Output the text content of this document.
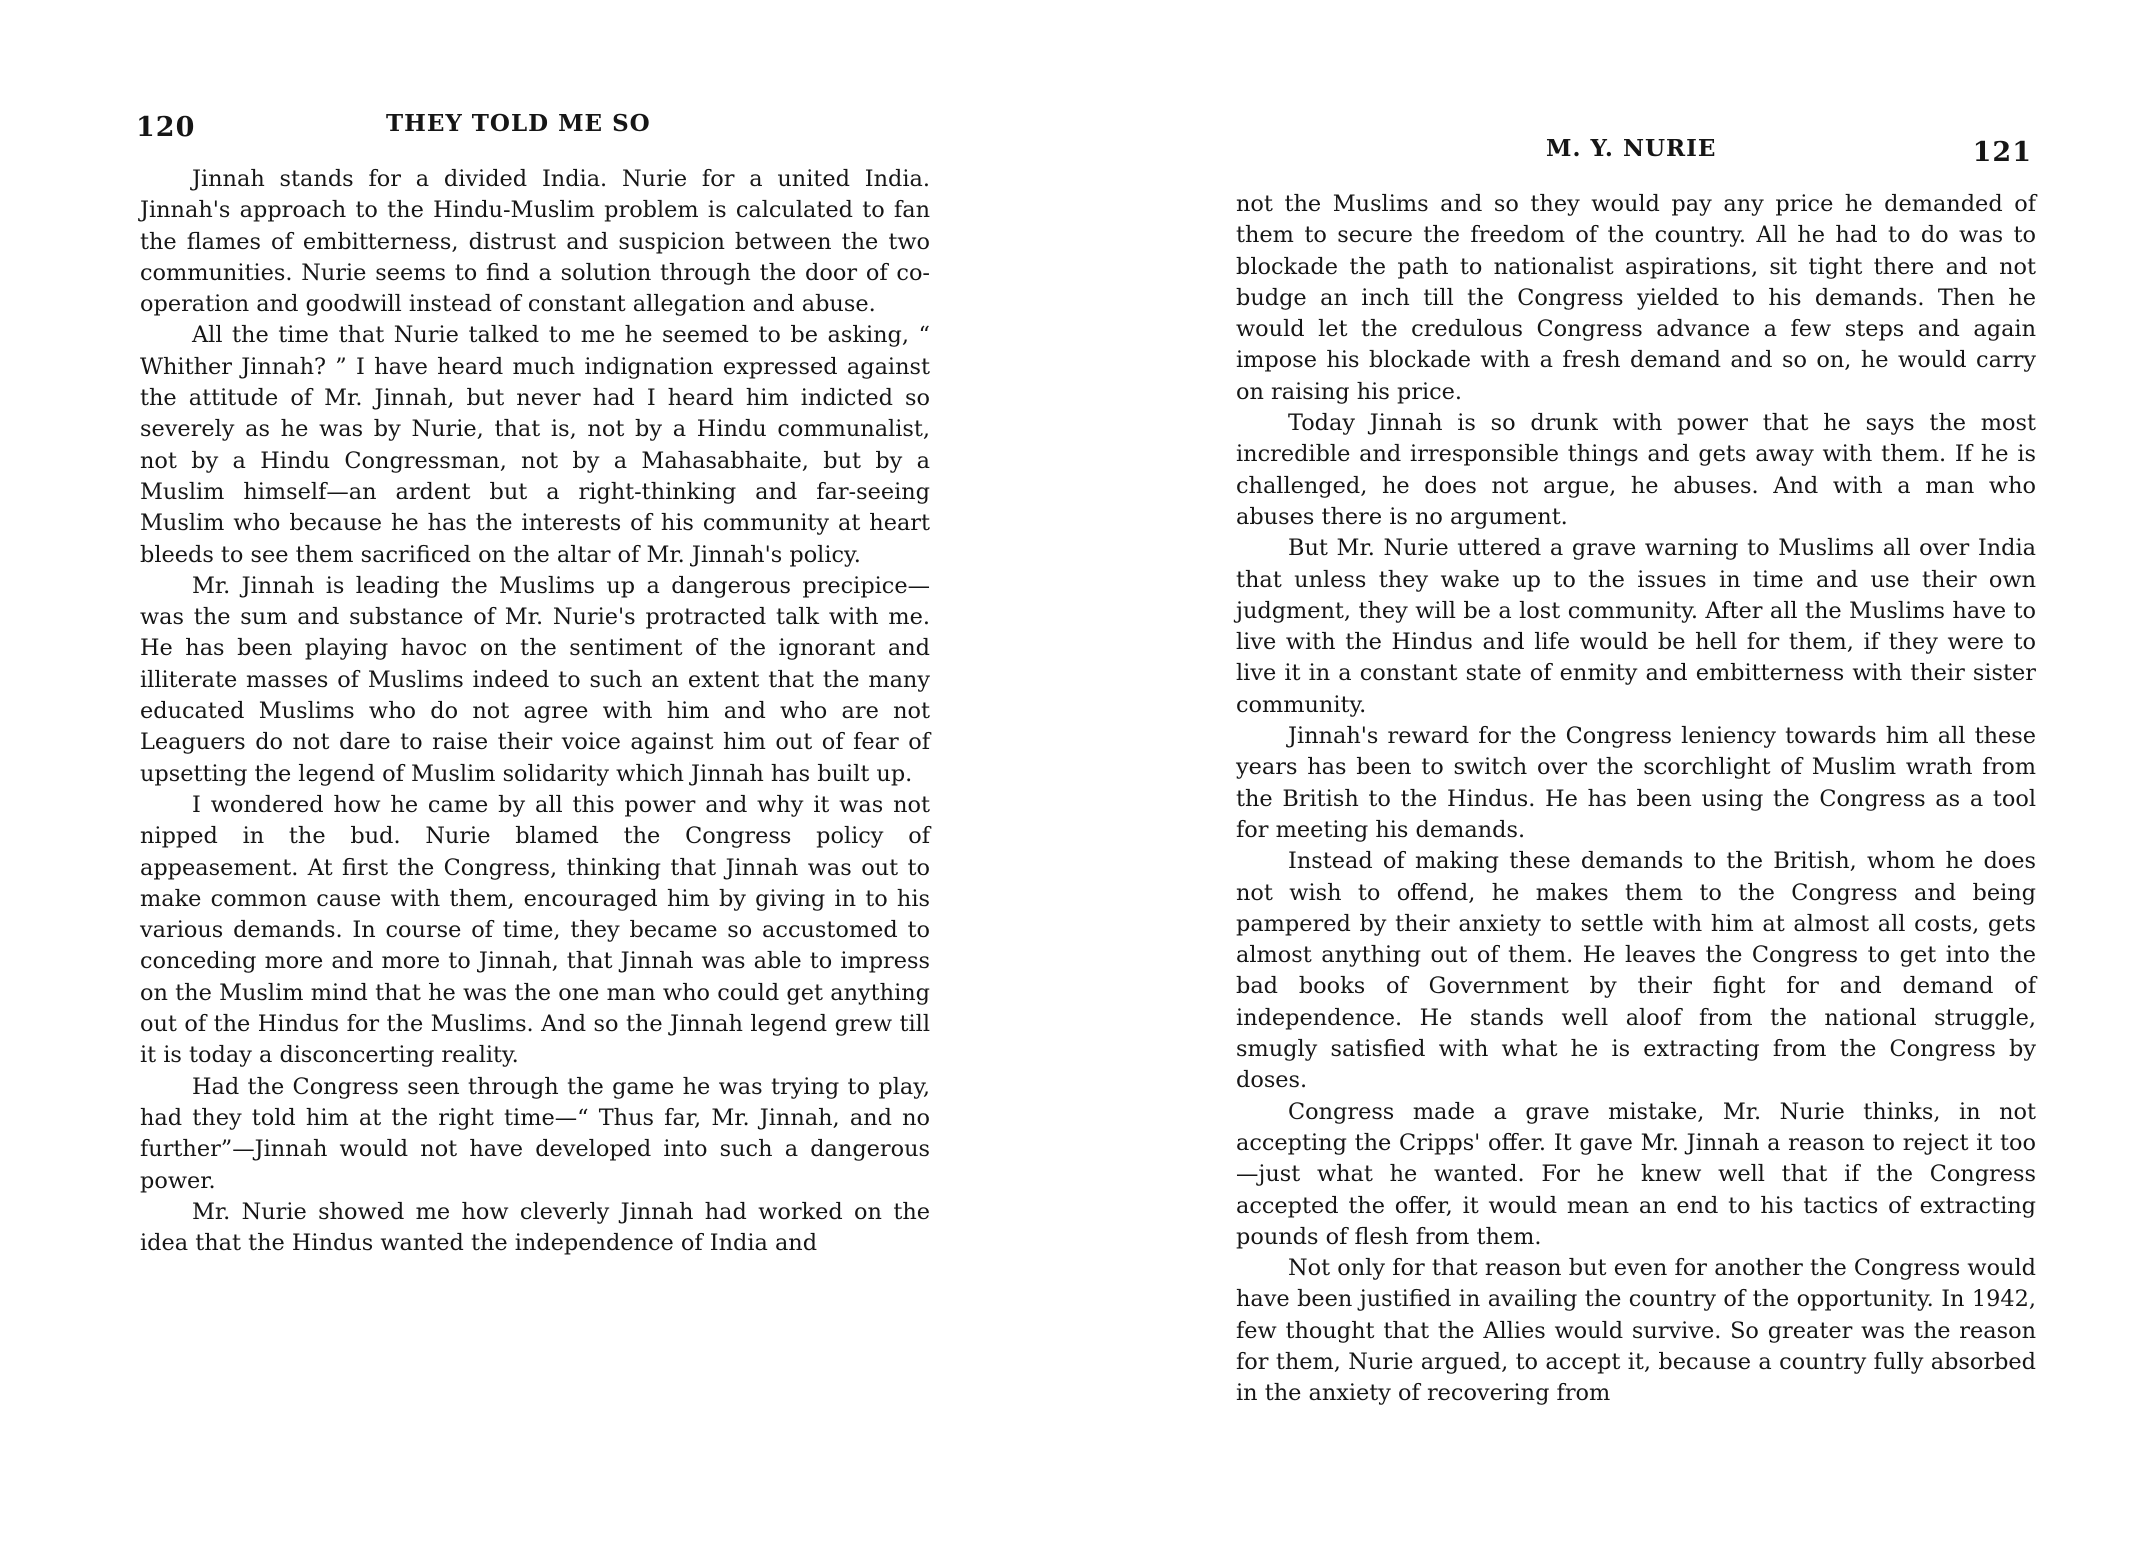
120	THEY TOLD ME SO

Jinnah stands for a divided India. Nurie for a united India. Jinnah's approach to the Hindu-Muslim problem is calculated to fan the flames of embitterness, distrust and suspicion between the two communities. Nurie seems to find a solution through the door of co-operation and goodwill instead of constant allegation and abuse.

All the time that Nurie talked to me he seemed to be asking, “ Whither Jinnah? ” I have heard much indignation expressed against the attitude of Mr. Jinnah, but never had I heard him indicted so severely as he was by Nurie, that is, not by a Hindu communalist, not by a Hindu Congressman, not by a Mahasabhaite, but by a Muslim himself—an ardent but a right-thinking and far-seeing Muslim who because he has the interests of his community at heart bleeds to see them sacrificed on the altar of Mr. Jinnah's policy.

Mr. Jinnah is leading the Muslims up a dangerous precipice—was the sum and substance of Mr. Nurie's protracted talk with me. He has been playing havoc on the sentiment of the ignorant and illiterate masses of Muslims indeed to such an extent that the many educated Muslims who do not agree with him and who are not Leaguers do not dare to raise their voice against him out of fear of upsetting the legend of Muslim solidarity which Jinnah has built up.

I wondered how he came by all this power and why it was not nipped in the bud. Nurie blamed the Congress policy of appeasement. At first the Congress, thinking that Jinnah was out to make common cause with them, encouraged him by giving in to his various demands. In course of time, they became so accustomed to conceding more and more to Jinnah, that Jinnah was able to impress on the Muslim mind that he was the one man who could get anything out of the Hindus for the Muslims. And so the Jinnah legend grew till it is today a disconcerting reality.

Had the Congress seen through the game he was trying to play, had they told him at the right time—“ Thus far, Mr. Jinnah, and no further”—Jinnah would not have developed into such a dangerous power.

Mr. Nurie showed me how cleverly Jinnah had worked on the idea that the Hindus wanted the independence of India and

M. Y. NURIE	121

not the Muslims and so they would pay any price he demanded of them to secure the freedom of the country. All he had to do was to blockade the path to nationalist aspirations, sit tight there and not budge an inch till the Congress yielded to his demands. Then he would let the credulous Congress advance a few steps and again impose his blockade with a fresh demand and so on, he would carry on raising his price.

Today Jinnah is so drunk with power that he says the most incredible and irresponsible things and gets away with them. If he is challenged, he does not argue, he abuses. And with a man who abuses there is no argument.

But Mr. Nurie uttered a grave warning to Muslims all over India that unless they wake up to the issues in time and use their own judgment, they will be a lost community. After all the Muslims have to live with the Hindus and life would be hell for them, if they were to live it in a constant state of enmity and embitterness with their sister community.

Jinnah's reward for the Congress leniency towards him all these years has been to switch over the scorchlight of Muslim wrath from the British to the Hindus. He has been using the Congress as a tool for meeting his demands.

Instead of making these demands to the British, whom he does not wish to offend, he makes them to the Congress and being pampered by their anxiety to settle with him at almost all costs, gets almost anything out of them. He leaves the Congress to get into the bad books of Government by their fight for and demand of independence. He stands well aloof from the national struggle, smugly satisfied with what he is extracting from the Congress by doses.

Congress made a grave mistake, Mr. Nurie thinks, in not accepting the Cripps' offer. It gave Mr. Jinnah a reason to reject it too—just what he wanted. For he knew well that if the Congress accepted the offer, it would mean an end to his tactics of extracting pounds of flesh from them.

Not only for that reason but even for another the Congress would have been justified in availing the country of the opportunity. In 1942, few thought that the Allies would survive. So greater was the reason for them, Nurie argued, to accept it, because a country fully absorbed in the anxiety of recovering from
